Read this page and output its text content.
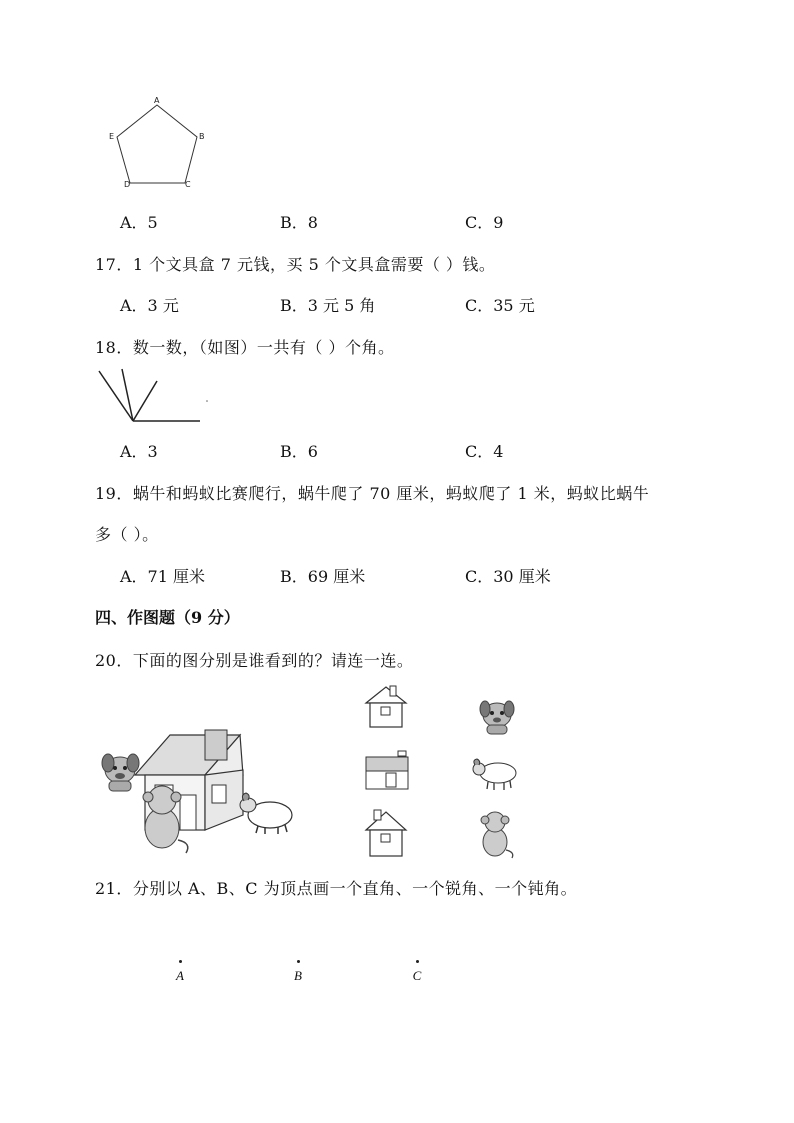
A
B
C
D
E
A．5	B．8	C．9
17．1 个文具盒 7 元钱，买 5 个文具盒需要（ ）钱。
A．3 元	B．3 元 5 角	C．35 元
18．数一数，（如图）一共有（ ）个角。
A．3	B．6	C．4
19．蜗牛和蚂蚁比赛爬行，蜗牛爬了 70 厘米，蚂蚁爬了 1 米，蚂蚁比蜗牛
多（ ）。
A．71 厘米	B．69 厘米	C．30 厘米
四、作图题（9 分）
20．下面的图分别是谁看到的？请连一连。
21．分别以 A、B、C 为顶点画一个直角、一个锐角、一个钝角。
A	B	C
